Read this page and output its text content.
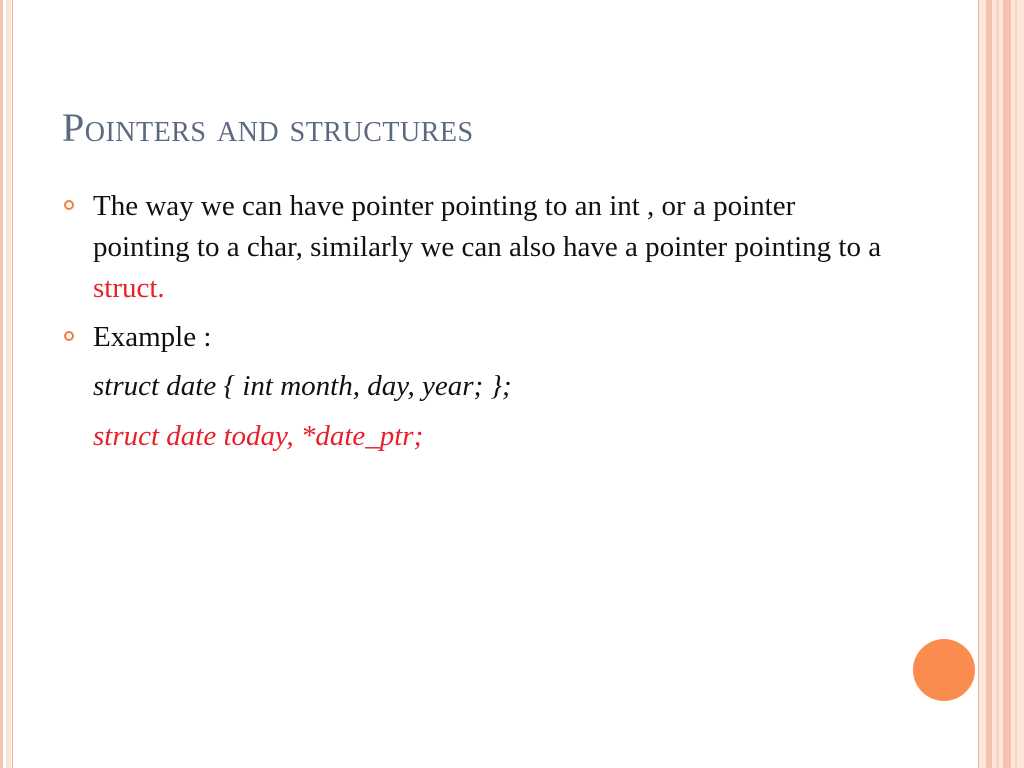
Pointers and structures
The way we can have pointer pointing to an int , or a pointer pointing to a char, similarly we can also have a pointer pointing to a struct.
Example :
struct date { int month, day, year; };
struct date today, *date_ptr;
